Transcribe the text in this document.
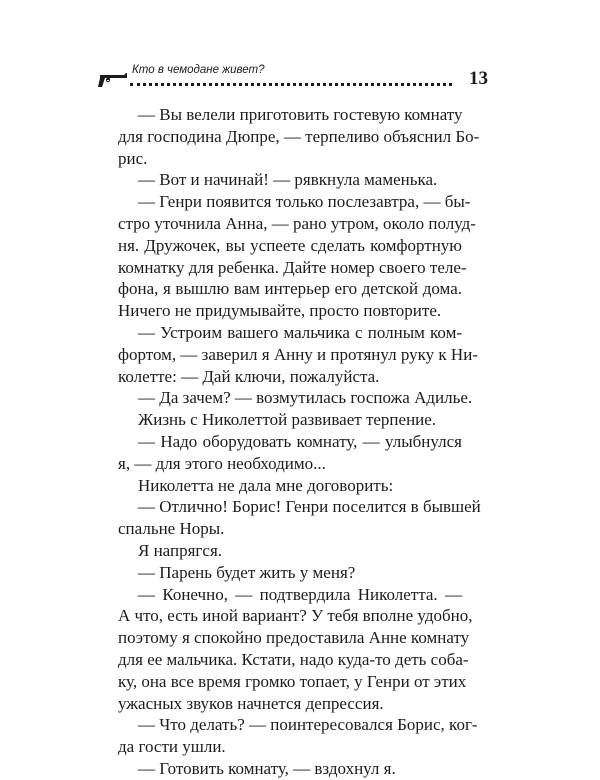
Кто в чемодане живет?	13
— Вы велели приготовить гостевую комнату
для господина Дюпре, — терпеливо объяснил Бо-
рис.
— Вот и начинай! — рявкнула маменька.
— Генри появится только послезавтра, — бы-
стро уточнила Анна, — рано утром, около полуд-
ня. Дружочек, вы успеете сделать комфортную
комнатку для ребенка. Дайте номер своего теле-
фона, я вышлю вам интерьер его детской дома.
Ничего не придумывайте, просто повторите.
— Устроим вашего мальчика с полным ком-
фортом, — заверил я Анну и протянул руку к Ни-
колетте: — Дай ключи, пожалуйста.
— Да зачем? — возмутилась госпожа Адилье.
Жизнь с Николеттой развивает терпение.
— Надо оборудовать комнату, — улыбнулся
я, — для этого необходимо...
Николетта не дала мне договорить:
— Отлично! Борис! Генри поселится в бывшей
спальне Норы.
Я напрягся.
— Парень будет жить у меня?
— Конечно, — подтвердила Николетта. —
А что, есть иной вариант? У тебя вполне удобно,
поэтому я спокойно предоставила Анне комнату
для ее мальчика. Кстати, надо куда-то деть соба-
ку, она все время громко топает, у Генри от этих
ужасных звуков начнется депрессия.
— Что делать? — поинтересовался Борис, ког-
да гости ушли.
— Готовить комнату, — вздохнул я.
